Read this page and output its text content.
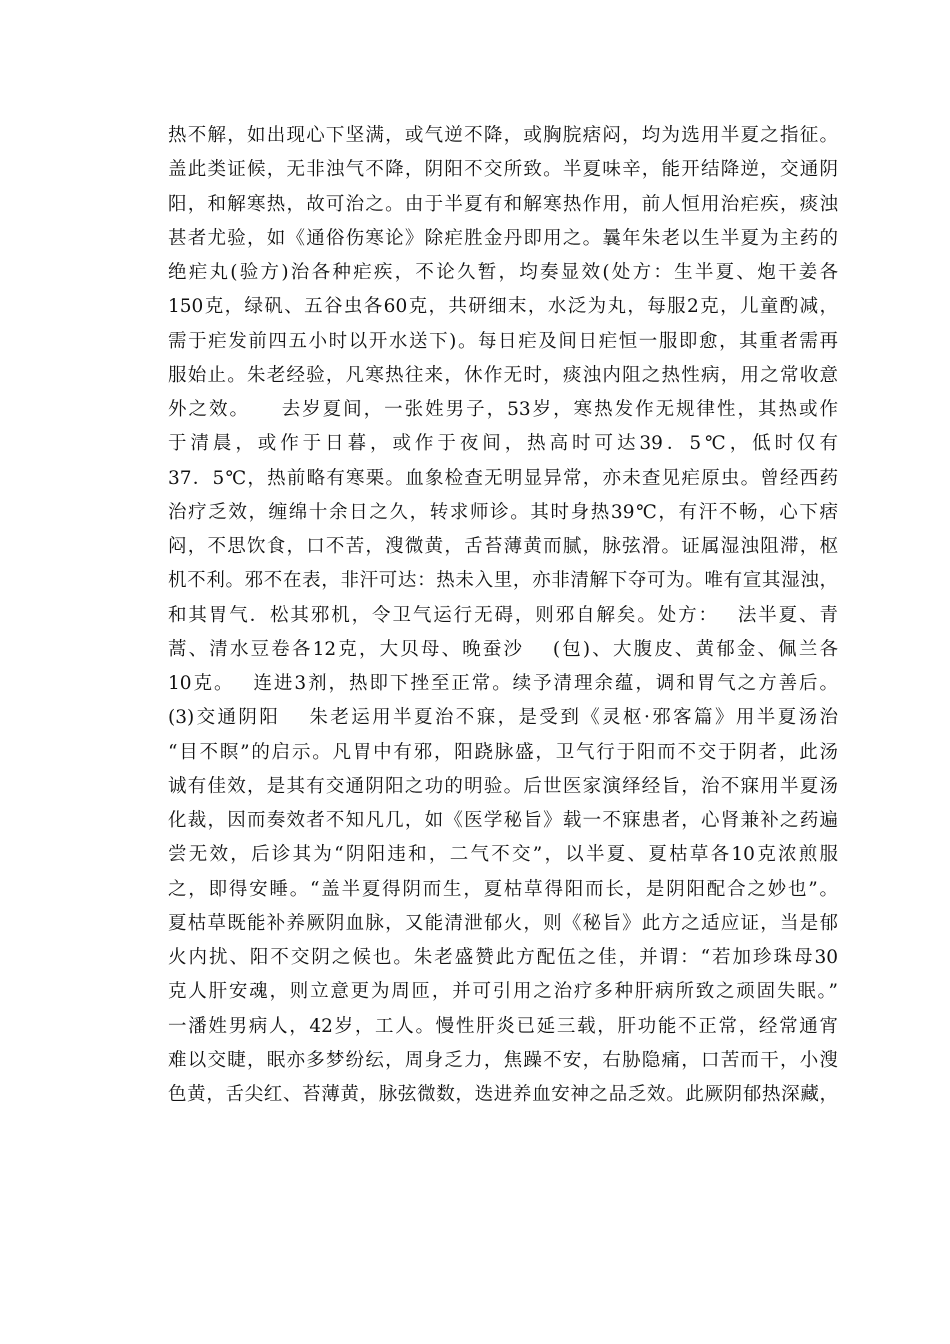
热不解，如出现心下坚满，或气逆不降，或胸脘痞闷，均为选用半夏之指征。
盖此类证候，无非浊气不降，阴阳不交所致。半夏味辛，能开结降逆，交通阴
阳，和解寒热，故可治之。由于半夏有和解寒热作用，前人恒用治疟疾，痰浊
甚者尤验，如《通俗伤寒论》除疟胜金丹即用之。曩年朱老以生半夏为主药的
绝疟丸(验方)治各种疟疾，不论久暂，均奏显效(处方：生半夏、炮干姜各
150克，绿矾、五谷虫各60克，共研细末，水泛为丸，每服2克，儿童酌减，
需于疟发前四五小时以开水送下)。每日疟及间日疟恒一服即愈，其重者需再
服始止。朱老经验，凡寒热往来，休作无时，痰浊内阻之热性病，用之常收意
外之效。　　去岁夏间，一张姓男子，53岁，寒热发作无规律性，其热或作
于清晨，或作于日暮，或作于夜间，热高时可达39．5℃，低时仅有
37．5℃，热前略有寒栗。血象检查无明显异常，亦未查见疟原虫。曾经西药
治疗乏效，缠绵十余日之久，转求师诊。其时身热39℃，有汗不畅，心下痞
闷，不思饮食，口不苦，溲微黄，舌苔薄黄而腻，脉弦滑。证属湿浊阻滞，枢
机不利。邪不在表，非汗可达：热未入里，亦非清解下夺可为。唯有宣其湿浊，
和其胃气．松其邪机，令卫气运行无碍，则邪自解矣。处方：　 法半夏、青
蒿、清水豆卷各12克，大贝母、晚蚕沙　 (包)、大腹皮、黄郁金、佩兰各
10克。　 连进3剂，热即下挫至正常。续予清理余蕴，调和胃气之方善后。
(3)交通阴阳　 朱老运用半夏治不寐，是受到《灵枢·邪客篇》用半夏汤治
“目不瞑”的启示。凡胃中有邪，阳跷脉盛，卫气行于阳而不交于阴者，此汤
诚有佳效，是其有交通阴阳之功的明验。后世医家演绎经旨，治不寐用半夏汤
化裁，因而奏效者不知凡几，如《医学秘旨》载一不寐患者，心肾兼补之药遍
尝无效，后诊其为“阴阳违和，二气不交”，以半夏、夏枯草各10克浓煎服
之，即得安睡。“盖半夏得阴而生，夏枯草得阳而长，是阴阳配合之妙也”。
夏枯草既能补养厥阴血脉，又能清泄郁火，则《秘旨》此方之适应证，当是郁
火内扰、阳不交阴之候也。朱老盛赞此方配伍之佳，并谓：“若加珍珠母30
克人肝安魂，则立意更为周匝，并可引用之治疗多种肝病所致之顽固失眠。”
一潘姓男病人，42岁，工人。慢性肝炎已延三载，肝功能不正常，经常通宵
难以交睫，眠亦多梦纷纭，周身乏力，焦躁不安，右胁隐痛，口苦而干，小溲
色黄，舌尖红、苔薄黄，脉弦微数，迭进养血安神之品乏效。此厥阴郁热深藏，
